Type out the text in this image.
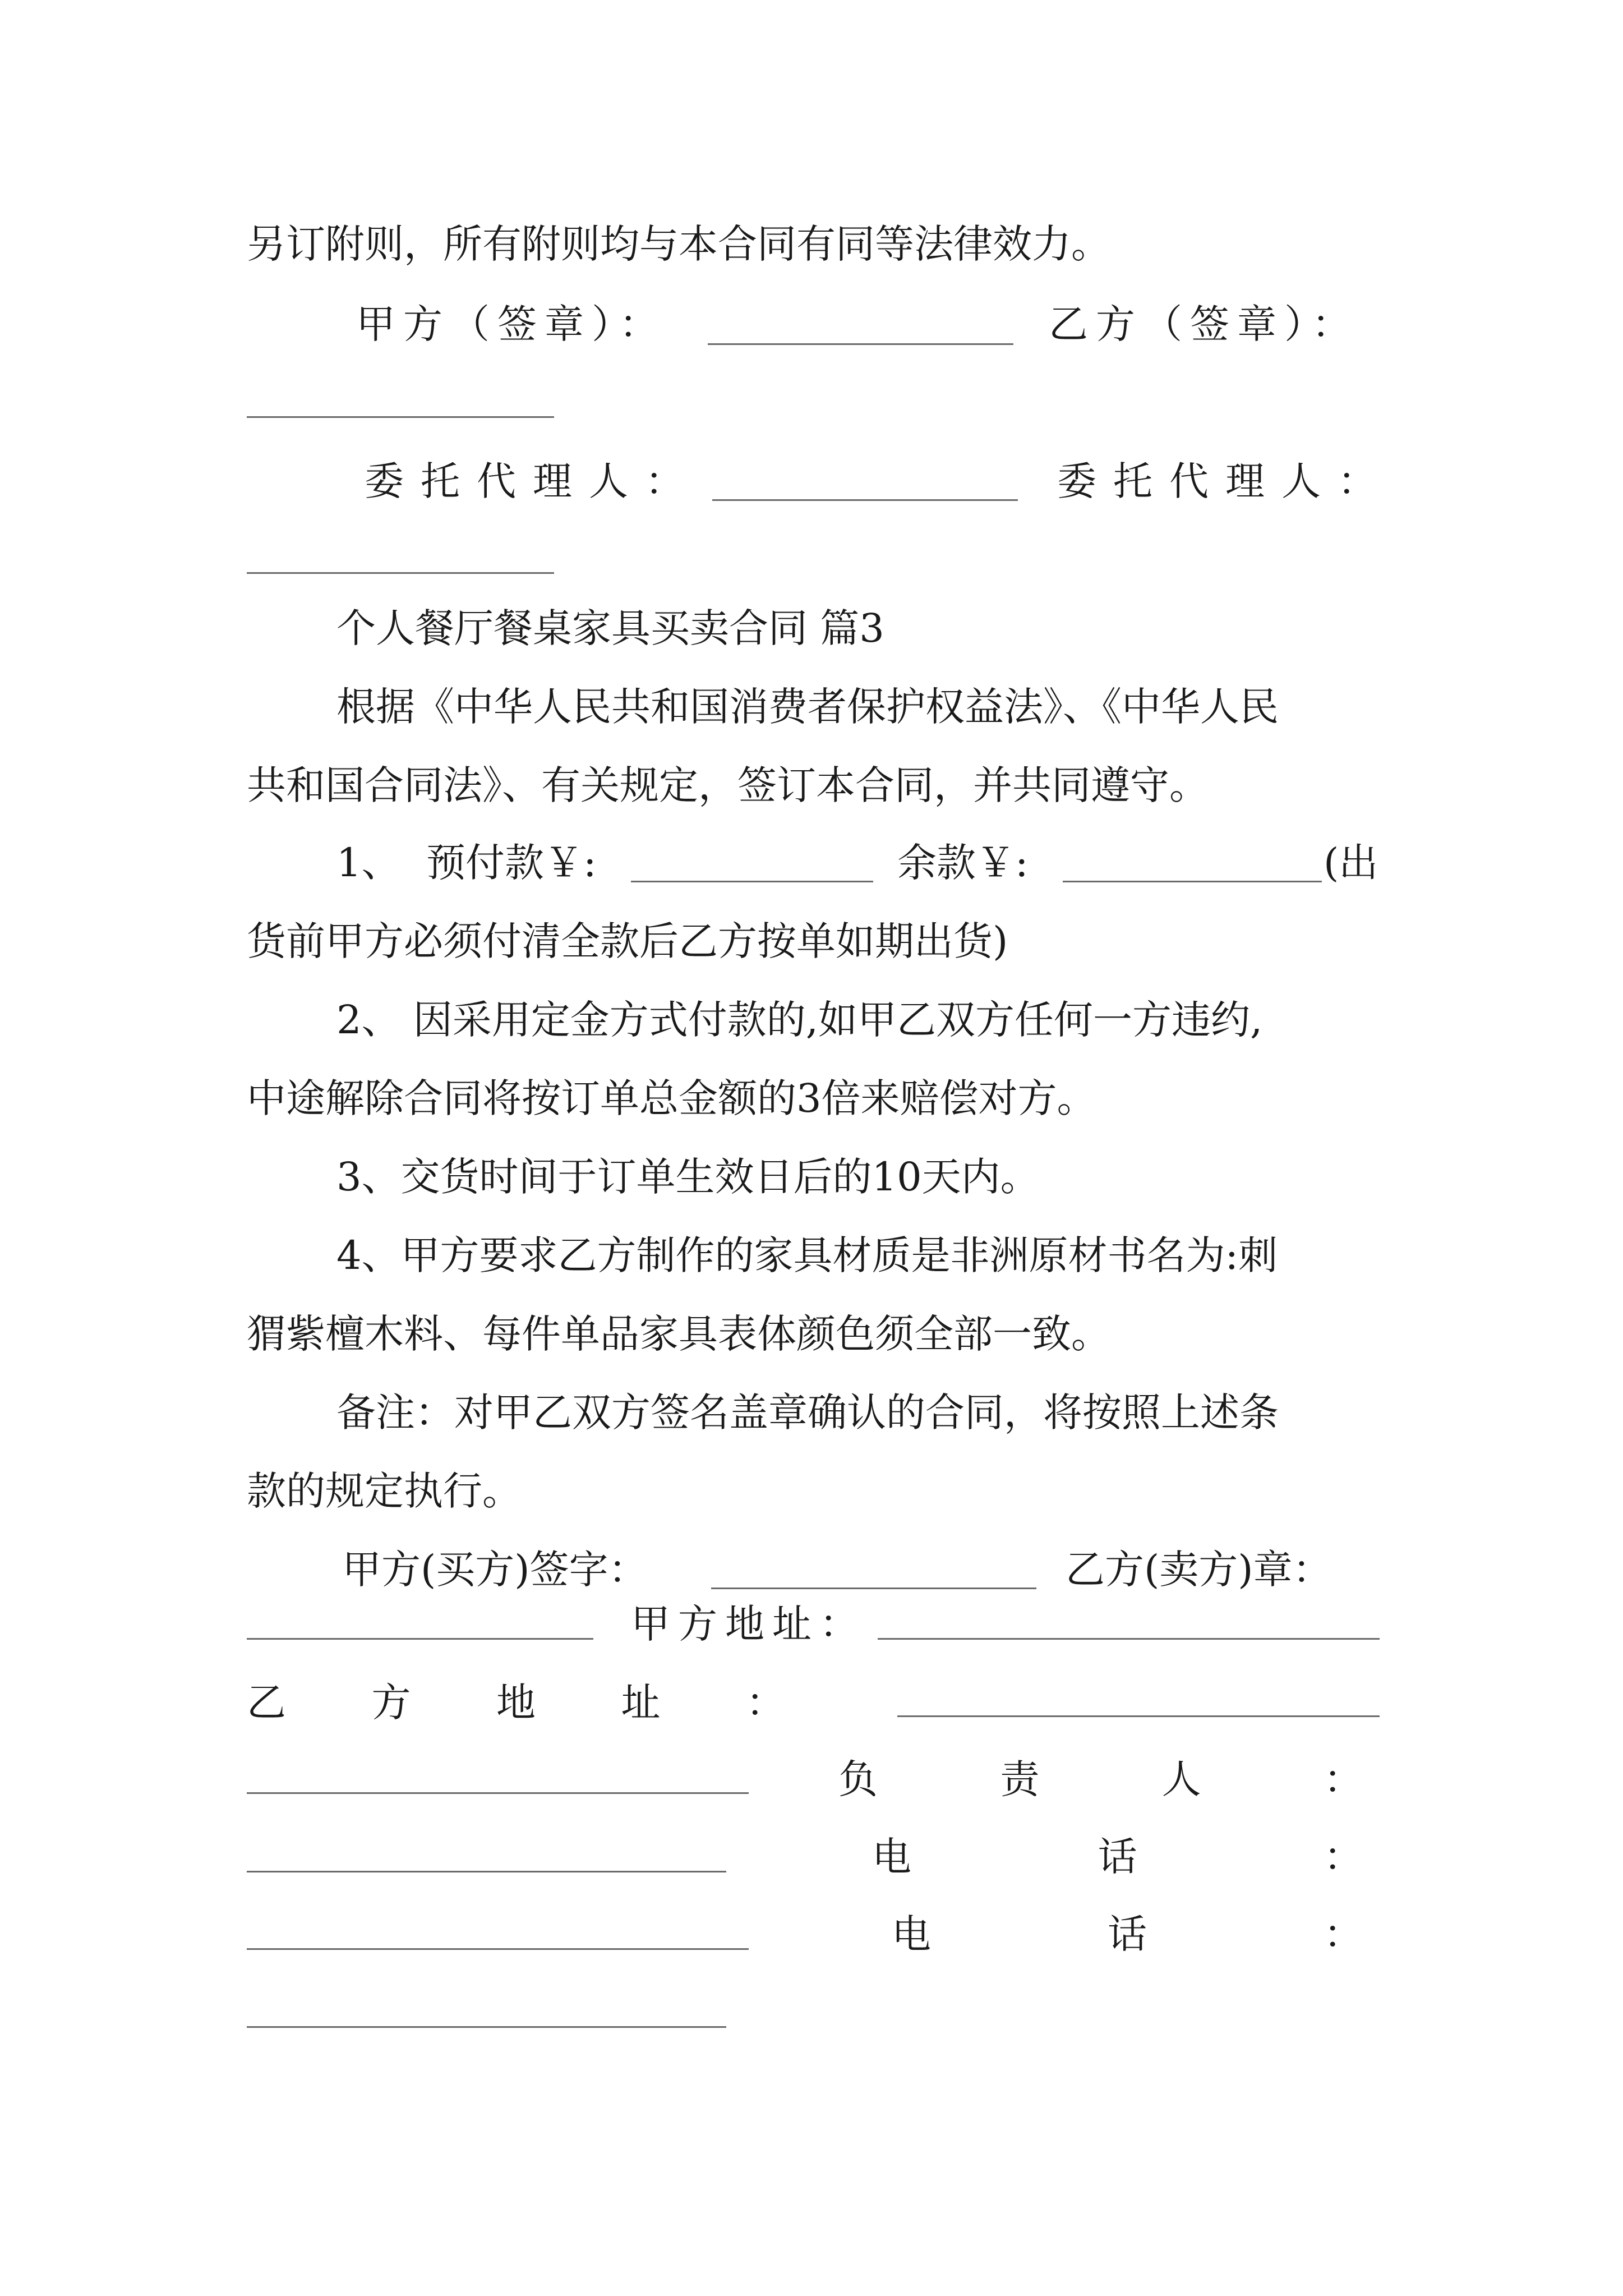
另订附则，所有附则均与本合同有同等法律效力。
甲方（签章）：	乙方（签章）：
委托代理人：	委托代理人：
个人餐厅餐桌家具买卖合同 篇3
根据《中华人民共和国消费者保护权益法》、《中华人民
共和国合同法》、有关规定，签订本合同，并共同遵守。
1、 预付款￥:	余款￥:	(出
货前甲方必须付清全款后乙方按单如期出货)
2、 因采用定金方式付款的,如甲乙双方任何一方违约,
中途解除合同将按订单总金额的3倍来赔偿对方。
3、交货时间于订单生效日后的10天内。
4、甲方要求乙方制作的家具材质是非洲原材书名为:刺
猬紫檀木料、每件单品家具表体颜色须全部一致。
备注：对甲乙双方签名盖章确认的合同，将按照上述条
款的规定执行。
甲方(买方)签字：	乙方(卖方)章：
甲方地址：
乙 方 地 址 ：
负	责	人	：
电	话	：
电	话	：
